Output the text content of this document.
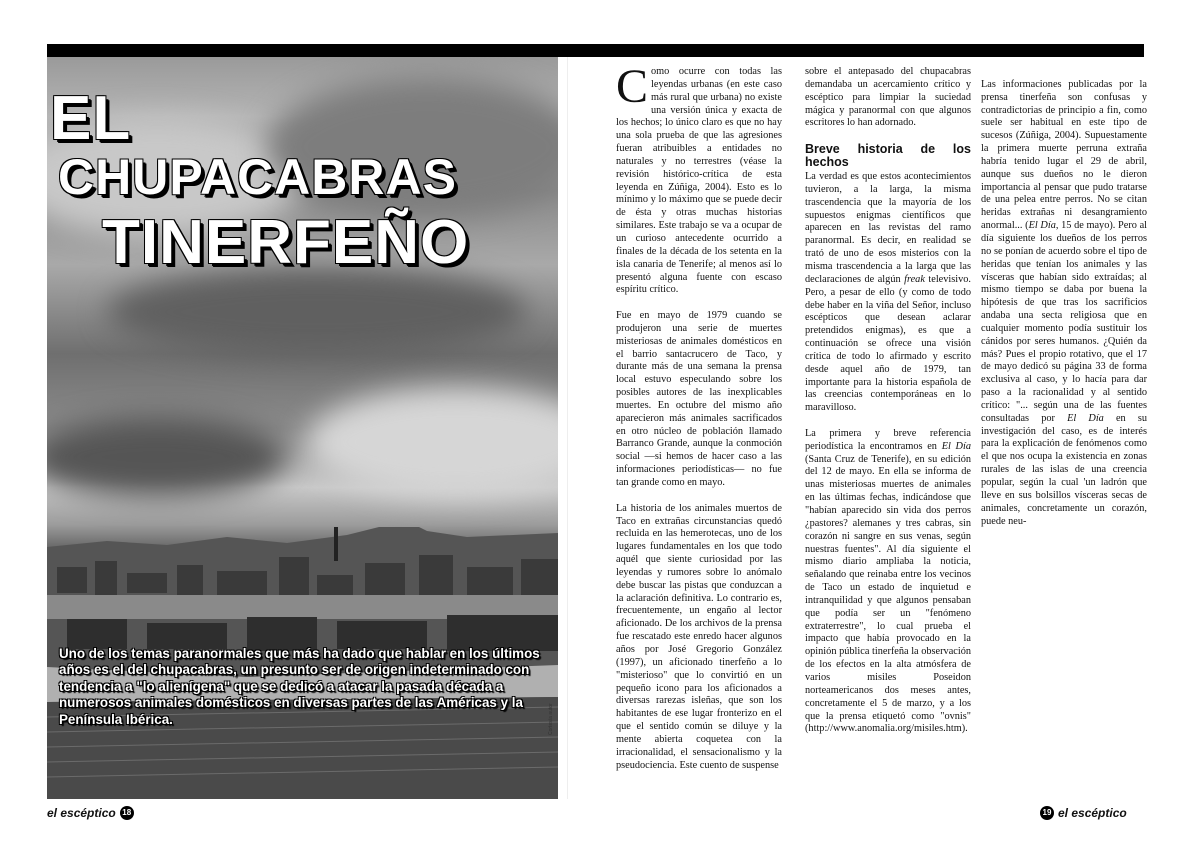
Cortesía autor
EL
CHUPACABRAS
TINERFEÑO
Uno de los temas paranormales que más ha dado que hablar en los últimos años es el del chupacabras, un presunto ser de origen indeterminado con tendencia a "lo alienígena" que se dedicó a atacar la pasada década a numerosos animales domésticos en diversas partes de las Américas y la Península Ibérica.

Como ocurre con todas las leyendas urbanas (en este caso más rural que urbana) no existe una versión única y exacta de los hechos; lo único claro es que no hay una sola prueba de que las agresiones fueran atribuibles a entidades no naturales y no terrestres (véase la revisión histórico-crítica de esta leyenda en Zúñiga, 2004). Esto es lo mínimo y lo máximo que se puede decir de ésta y otras muchas historias similares. Este trabajo se va a ocupar de un curioso antecedente ocurrido a finales de la década de los setenta en la isla canaria de Tenerife; al menos así lo presentó alguna fuente con escaso espíritu crítico.

Fue en mayo de 1979 cuando se produjeron una serie de muertes misteriosas de animales domésticos en el barrio santacrucero de Taco, y durante más de una semana la prensa local estuvo especulando sobre los posibles autores de las inexplicables muertes. En octubre del mismo año aparecieron más animales sacrificados en otro núcleo de población llamado Barranco Grande, aunque la conmoción social —si hemos de hacer caso a las informaciones periodísticas— no fue tan grande como en mayo.

La historia de los animales muertos de Taco en extrañas circunstancias quedó recluida en las hemerotecas, uno de los lugares fundamentales en los que todo aquél que siente curiosidad por las leyendas y rumores sobre lo anómalo debe buscar las pistas que conduzcan a la aclaración definitiva. Lo contrario es, frecuentemente, un engaño al lector aficionado. De los archivos de la prensa fue rescatado este enredo hacer algunos años por José Gregorio González (1997), un aficionado tinerfeño a lo "misterioso" que lo convirtió en un pequeño icono para los aficionados a diversas rarezas isleñas, que son los habitantes de ese lugar fronterizo en el que el sentido común se diluye y la mente abierta coquetea con la irracionalidad, el sensacionalismo y la pseudociencia. Este cuento de suspense

sobre el antepasado del chupacabras demandaba un acercamiento crítico y escéptico para limpiar la suciedad mágica y paranormal con que algunos escritores lo han adornado.

Breve historia de los hechos

La verdad es que estos acontecimientos tuvieron, a la larga, la misma trascendencia que la mayoría de los supuestos enigmas científicos que aparecen en las revistas del ramo paranormal. Es decir, en realidad se trató de uno de esos misterios con la misma trascendencia a la larga que las declaraciones de algún freak televisivo. Pero, a pesar de ello (y como de todo debe haber en la viña del Señor, incluso escépticos que desean aclarar pretendidos enigmas), es que a continuación se ofrece una visión crítica de todo lo afirmado y escrito desde aquel año de 1979, tan importante para la historia española de las creencias contemporáneas en lo maravilloso.

La primera y breve referencia periodística la encontramos en El Día (Santa Cruz de Tenerife), en su edición del 12 de mayo. En ella se informa de unas misteriosas muertes de animales en las últimas fechas, indicándose que "habían aparecido sin vida dos perros ¿pastores? alemanes y tres cabras, sin corazón ni sangre en sus venas, según nuestras fuentes". Al día siguiente el mismo diario ampliaba la noticia, señalando que reinaba entre los vecinos de Taco un estado de inquietud e intranquilidad y que algunos pensaban que podía ser un "fenómeno extraterrestre", lo cual prueba el impacto que había provocado en la opinión pública tinerfeña la observación de los efectos en la alta atmósfera de varios misiles Poseidon norteamericanos dos meses antes, concretamente el 5 de marzo, y a los que la prensa etiquetó como "ovnis" (http://www.anomalia.org/misiles.htm).

Las informaciones publicadas por la prensa tinerfeña son confusas y contradictorias de principio a fin, como suele ser habitual en este tipo de sucesos (Zúñiga, 2004). Supuestamente la primera muerte perruna extraña habría tenido lugar el 29 de abril, aunque sus dueños no le dieron importancia al pensar que pudo tratarse de una pelea entre perros. No se citan heridas extrañas ni desangramiento anormal... (El Día, 15 de mayo). Pero al día siguiente los dueños de los perros no se ponían de acuerdo sobre el tipo de heridas que tenían los animales y las vísceras que habían sido extraídas; al mismo tiempo se daba por buena la hipótesis de que tras los sacrificios andaba una secta religiosa que en cualquier momento podía sustituir los cánidos por seres humanos. ¿Quién da más? Pues el propio rotativo, que el 17 de mayo dedicó su página 33 de forma exclusiva al caso, y lo hacía para dar paso a la racionalidad y al sentido crítico: "... según una de las fuentes consultadas por El Día en su investigación del caso, es de interés para la explicación de fenómenos como el que nos ocupa la existencia en zonas rurales de las islas de una creencia popular, según la cual 'un ladrón que lleve en sus bolsillos vísceras secas de animales, concretamente un corazón, puede neu-

el escéptico 18	19 el escéptico
